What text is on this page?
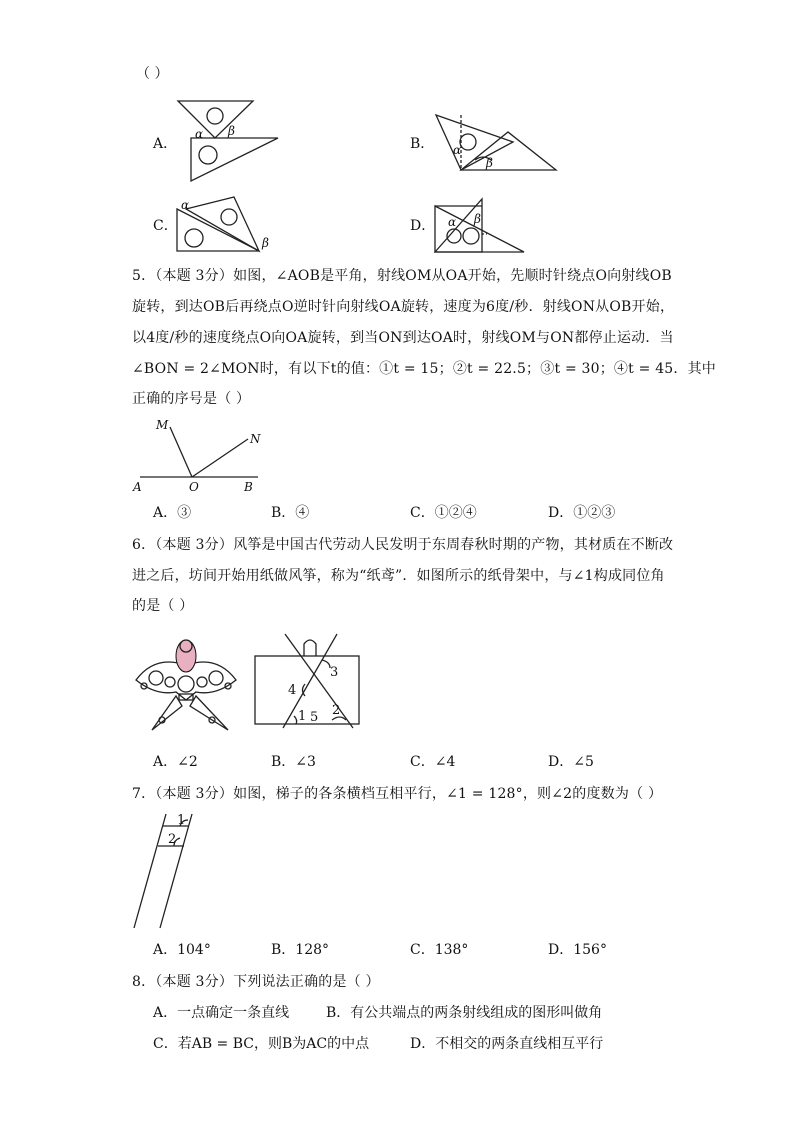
（ ）
A．
α β
B． α
β
C．
α
β
D． α β
5．（本题 3分）如图，∠AOB是平角，射线OM从OA开始，先顺时针绕点O向射线OB
旋转，到达OB后再绕点O逆时针向射线OA旋转，速度为6度/秒．射线ON从OB开始，
以4度/秒的速度绕点O向OA旋转，到当ON到达OA时，射线OM与ON都停止运动．当
∠BON = 2∠MON时，有以下t的值：①t = 15；②t = 22.5；③t = 30；④t = 45．其中
正确的序号是（ ）
M
N
A	O	B
A．③	B．④	C．①②④	D．①②③
6．（本题 3分）风筝是中国古代劳动人民发明于东周春秋时期的产物，其材质在不断改
进之后，坊间开始用纸做风筝，称为“纸鸢”．如图所示的纸骨架中，与∠1构成同位角
的是（ ）
3
4
1 5 2
A．∠2	B．∠3	C．∠4	D．∠5
7．（本题 3分）如图，梯子的各条横档互相平行，∠1 = 128°，则∠2的度数为（ ）
1
2
A．104°	B．128°	C．138°	D．156°
8．（本题 3分）下列说法正确的是（ ）
A．一点确定一条直线	B．有公共端点的两条射线组成的图形叫做角
C．若AB = BC，则B为AC的中点	D．不相交的两条直线相互平行
